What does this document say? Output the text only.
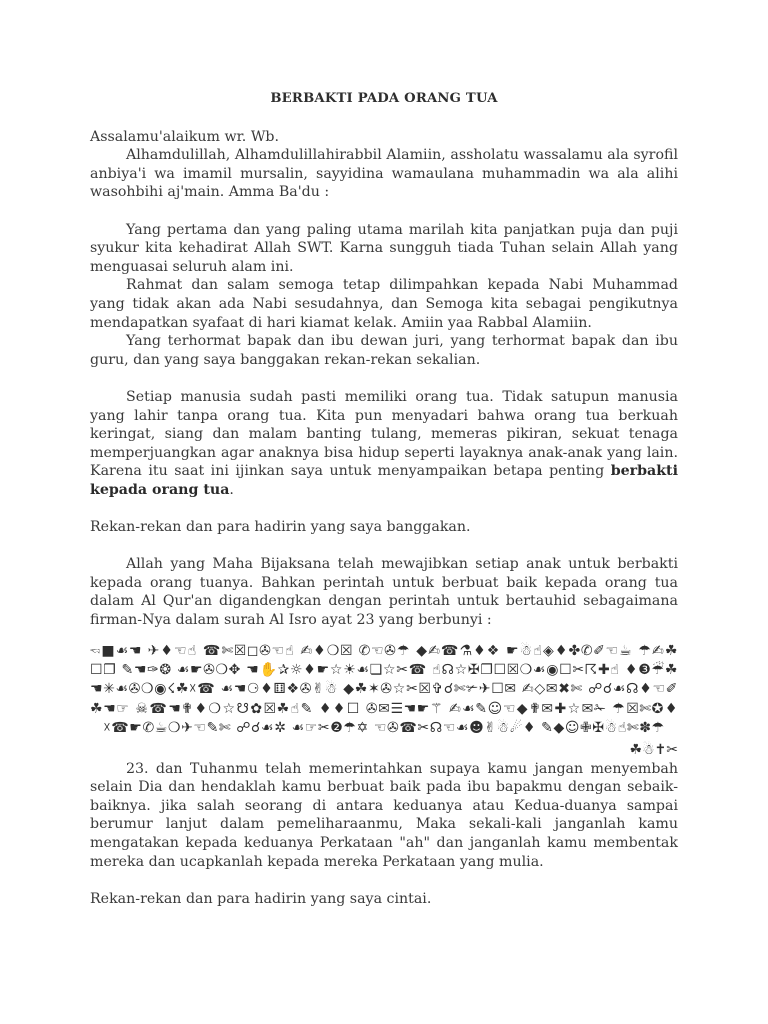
BERBAKTI PADA ORANG TUA

Assalamu'alaikum wr. Wb.

Alhamdulillah, Alhamdulillahirabbil Alamiin, assholatu wassalamu ala syrofil anbiya'i wa imamil mursalin, sayyidina wamaulana muhammadin wa ala alihi wasohbihi aj'main. Amma Ba'du :

Yang pertama dan yang paling utama marilah kita panjatkan puja dan puji syukur kita kehadirat Allah SWT. Karna sungguh tiada Tuhan selain Allah yang menguasai seluruh alam ini.

Rahmat dan salam semoga tetap dilimpahkan kepada Nabi Muhammad yang tidak akan ada Nabi sesudahnya, dan Semoga kita sebagai pengikutnya mendapatkan syafaat di hari kiamat kelak. Amiin yaa Rabbal Alamiin.

Yang terhormat bapak dan ibu dewan juri, yang terhormat bapak dan ibu guru, dan yang saya banggakan rekan-rekan sekalian.

Setiap manusia sudah pasti memiliki orang tua. Tidak satupun manusia yang lahir tanpa orang tua. Kita pun menyadari bahwa orang tua berkuah keringat, siang dan malam banting tulang, memeras pikiran, sekuat tenaga memperjuangkan agar anaknya bisa hidup seperti layaknya anak-anak yang lain. Karena itu saat ini ijinkan saya untuk menyampaikan betapa penting berbakti kepada orang tua.

Rekan-rekan dan para hadirin yang saya banggakan.

Allah yang Maha Bijaksana telah mewajibkan setiap anak untuk berbakti kepada orang tuanya. Bahkan perintah untuk berbuat baik kepada orang tua dalam Al Qur'an digandengkan dengan perintah untuk bertauhid sebagaimana firman-Nya dalam surah Al Isro ayat 23 yang berbunyi :

🖘■☙☚ ✈♦☜☝ ☎✄☒◻✇☜☝ ✍♦❍☒ ✆☜✇☂ ◆✍☎⚗♦❖ ☛☃☝◈♦✤✆✐☜☕ ☂✍☘☐❐ ✎☚✑❂ ☙☛✇❍✥ ☚✋✰☼♦☛☆☀☙❏☆✂☎ ☝☊☆✠❐☐☒❍☙◉☐✂☈✚☝ ♦❸☔☘☚✳☙✇❍◉☇☘☓☎ ☙☚⚆♦⚅❖✇✌☃ ◆☘✶✇☆✂☒✞☌✄✃✈☐✉ ✍◇✉✖✄ ☍☌☙☊♦☜✐☘☚☞ ☠☎☚✟♦❍☆☋✿☒☘☝✎ ♦♦☐ ✇✉☰☚☛⚚ ✍☙✎☺☜◆✟✉✚☆✉✁ ☂☒✄✪♦ ☓☎☛✆☕❍✈☜✎✄ ☍☌☙✲ ☙☞✂❷☂✡ ☜✇☎✂☊☜☙☻✌☃☄♦ ✎◆☺✙✠☃☝✄✽☂
☘☃✝✂

23. dan Tuhanmu telah memerintahkan supaya kamu jangan menyembah selain Dia dan hendaklah kamu berbuat baik pada ibu bapakmu dengan sebaik-baiknya. jika salah seorang di antara keduanya atau Kedua-duanya sampai berumur lanjut dalam pemeliharaanmu, Maka sekali-kali janganlah kamu mengatakan kepada keduanya Perkataan "ah" dan janganlah kamu membentak mereka dan ucapkanlah kepada mereka Perkataan yang mulia.

Rekan-rekan dan para hadirin yang saya cintai.
